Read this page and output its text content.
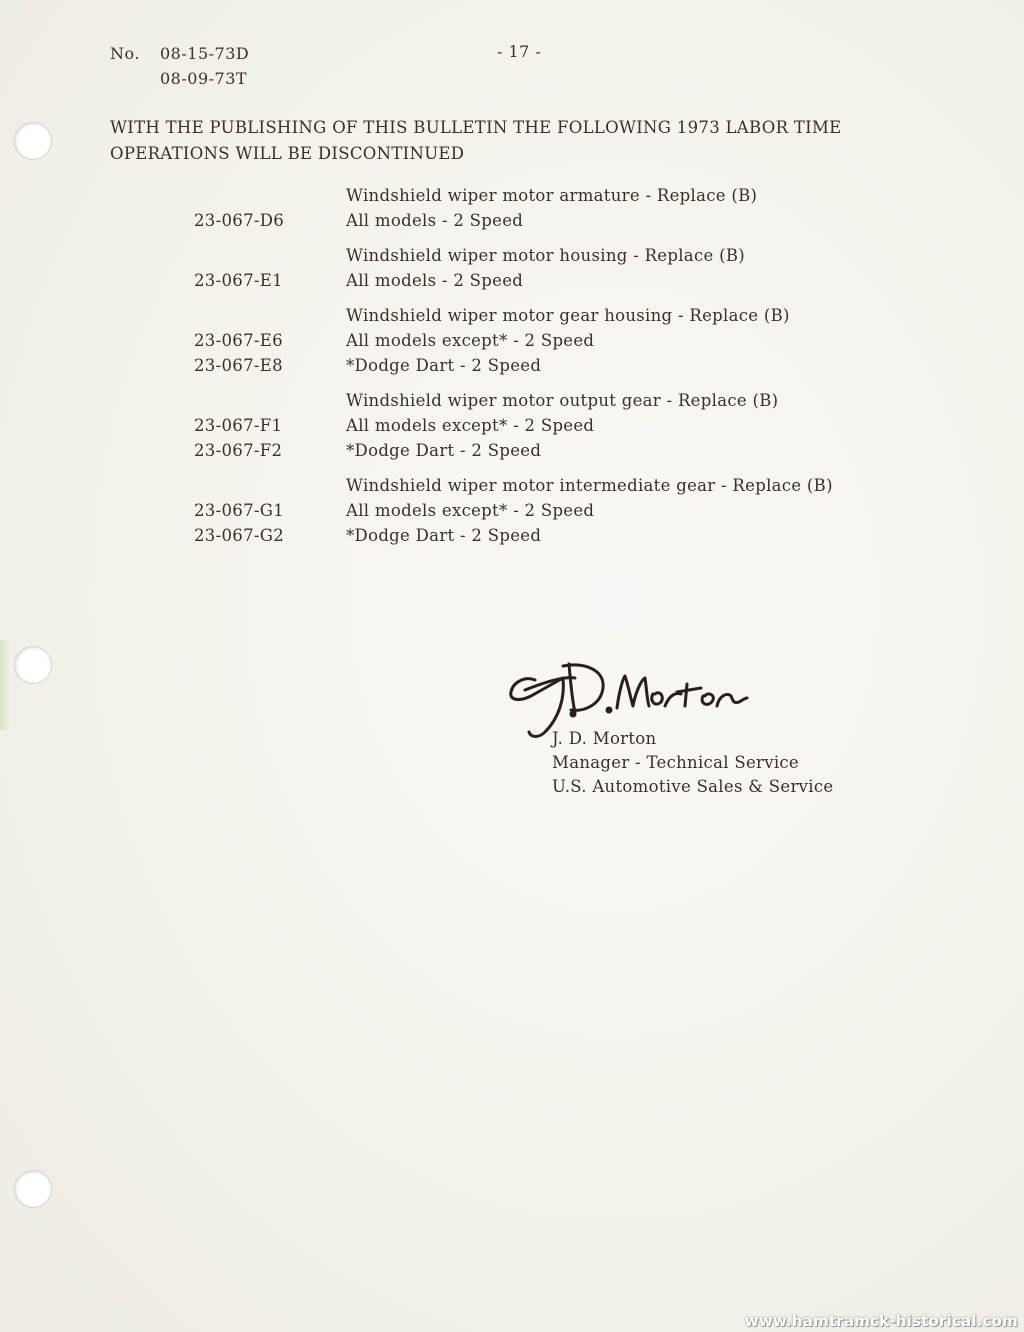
No. 08-15-73D
08-09-73T
- 17 -
WITH THE PUBLISHING OF THIS BULLETIN THE FOLLOWING 1973 LABOR TIME
OPERATIONS WILL BE DISCONTINUED
Windshield wiper motor armature - Replace (B)
23-067-D6	All models - 2 Speed
Windshield wiper motor housing - Replace (B)
23-067-E1	All models - 2 Speed
Windshield wiper motor gear housing - Replace (B)
23-067-E6	All models except* - 2 Speed
23-067-E8	*Dodge Dart - 2 Speed
Windshield wiper motor output gear - Replace (B)
23-067-F1	All models except* - 2 Speed
23-067-F2	*Dodge Dart - 2 Speed
Windshield wiper motor intermediate gear - Replace (B)
23-067-G1	All models except* - 2 Speed
23-067-G2	*Dodge Dart - 2 Speed
J. D. Morton
Manager - Technical Service
U.S. Automotive Sales & Service
www.hamtramck-historical.com
